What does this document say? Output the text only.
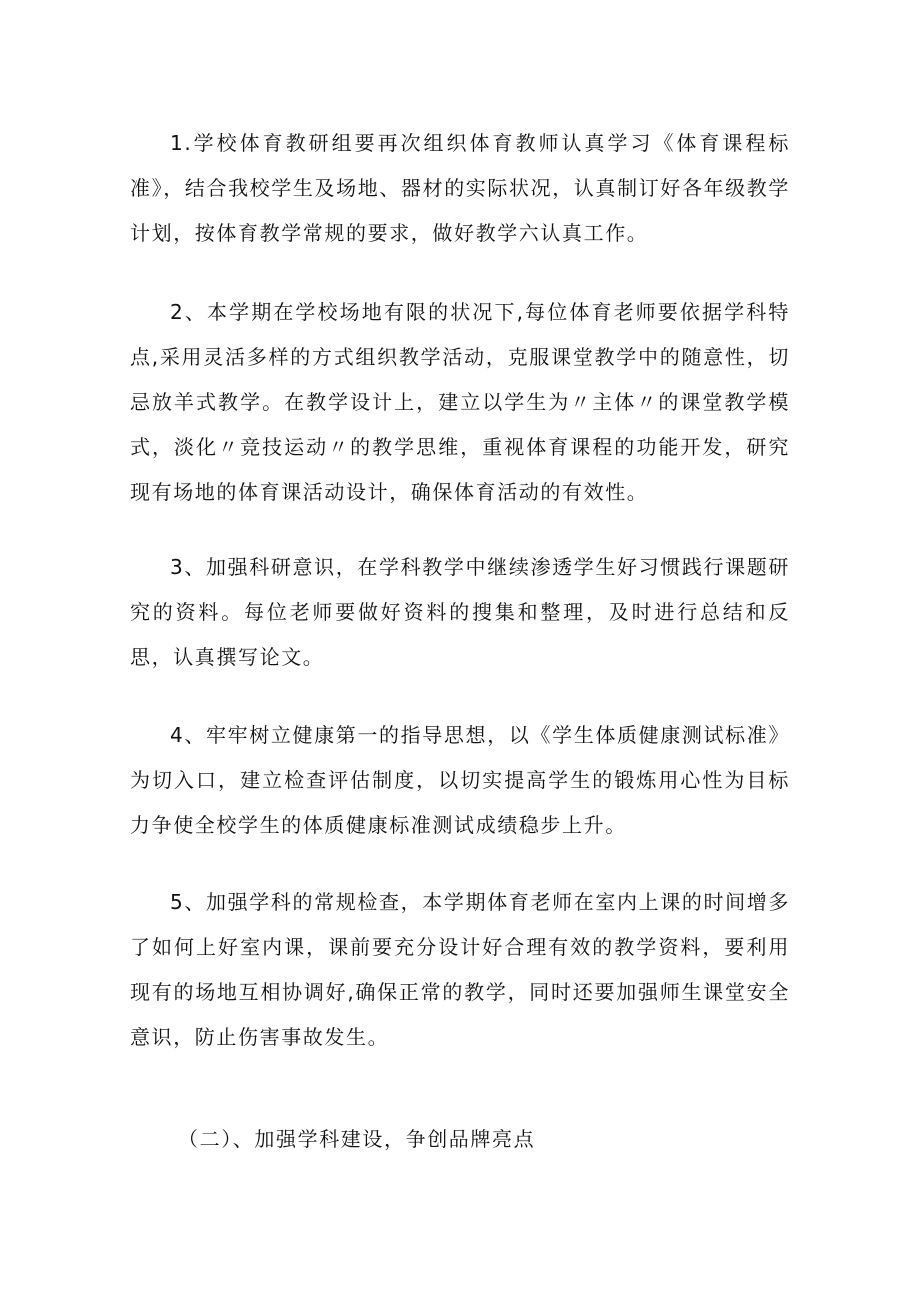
1.学校体育教研组要再次组织体育教师认真学习《体育课程标准》，结合我校学生及场地、器材的实际状况，认真制订好各年级教学计划，按体育教学常规的要求，做好教学六认真工作。

2、本学期在学校场地有限的状况下,每位体育老师要依据学科特点,采用灵活多样的方式组织教学活动，克服课堂教学中的随意性，切忌放羊式教学。在教学设计上，建立以学生为〃主体〃的课堂教学模式，淡化〃竞技运动〃的教学思维，重视体育课程的功能开发，研究现有场地的体育课活动设计，确保体育活动的有效性。

3、加强科研意识，在学科教学中继续渗透学生好习惯践行课题研究的资料。每位老师要做好资料的搜集和整理，及时进行总结和反思，认真撰写论文。

4、牢牢树立健康第一的指导思想，以《学生体质健康测试标准》为切入口，建立检查评估制度，以切实提高学生的锻炼用心性为目标力争使全校学生的体质健康标准测试成绩稳步上升。

5、加强学科的常规检查，本学期体育老师在室内上课的时间增多了如何上好室内课，课前要充分设计好合理有效的教学资料，要利用现有的场地互相协调好,确保正常的教学，同时还要加强师生课堂安全意识，防止伤害事故发生。

（二）、加强学科建设，争创品牌亮点
